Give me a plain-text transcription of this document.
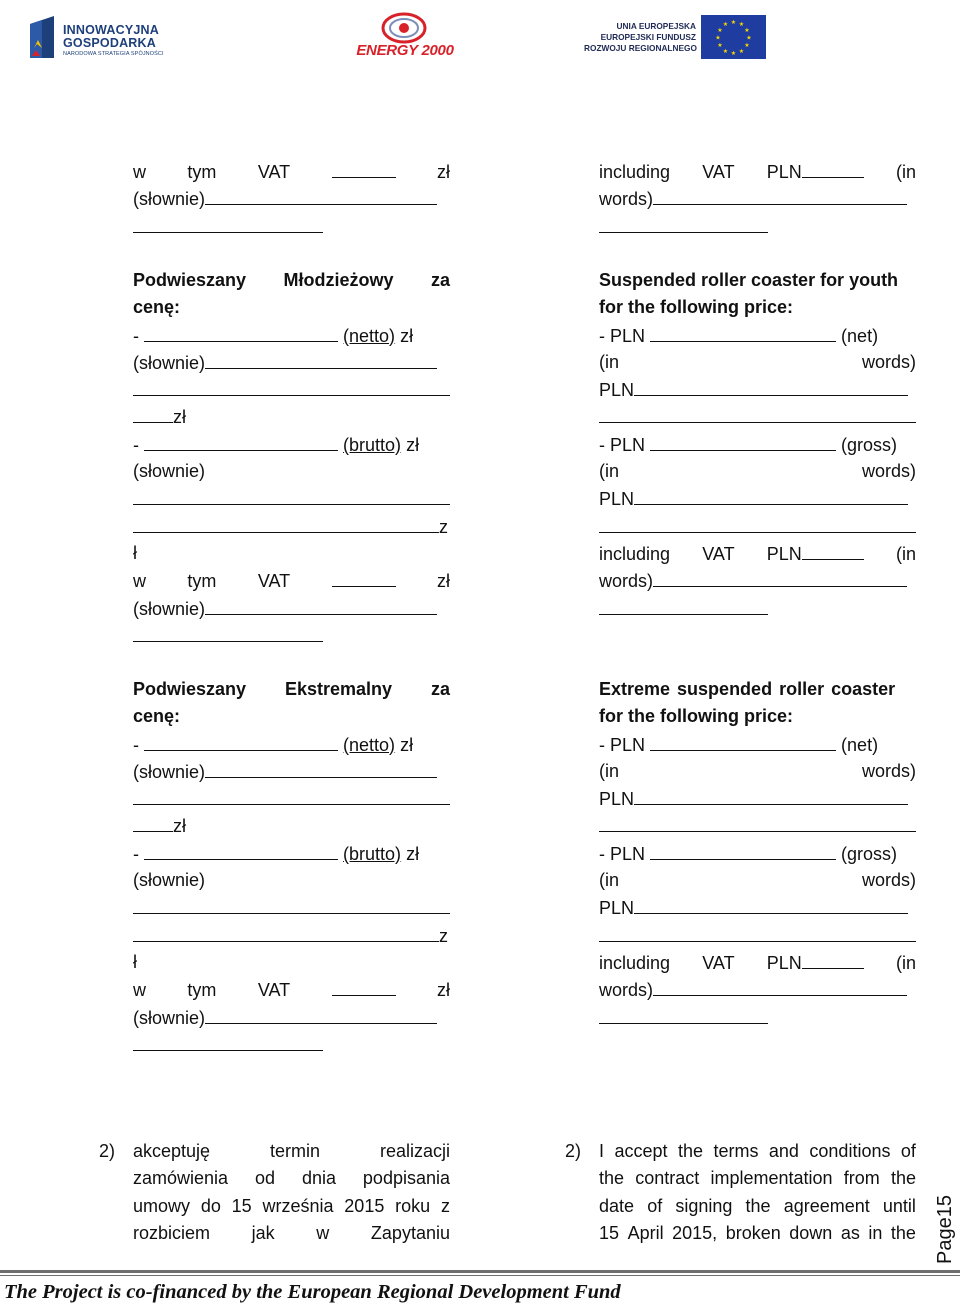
INNOWACYJNA
GOSPODARKA
NARODOWA STRATEGIA SPÓJNOŚCI	ENERGY 2000
UNIA EUROPEJSKA
EUROPEJSKI FUNDUSZ
ROZWOJU REGIONALNEGO
★ ★
★
★
★
★
★
★
★
★
★
★
w tym VAT	zł
(słownie)
including VAT PLN	(in
words)
Podwieszany Młodzieżowy za
cenę:
-	(netto) zł
(słownie)
zł
-	(brutto) zł
(słownie)
z
ł
w tym VAT	zł
(słownie)
Suspended roller coaster for youth
for the following price:
- PLN	(net)
(in	words)
PLN
- PLN	(gross)
(in	words)
PLN
including VAT PLN	(in
words)
Podwieszany Ekstremalny za
cenę:
-	(netto) zł
(słownie)
zł
-	(brutto) zł
(słownie)
z
ł
w tym VAT	zł
(słownie)
Extreme suspended roller coaster
for the following price:
- PLN	(net)
(in	words)
PLN
- PLN	(gross)
(in	words)
PLN
including VAT PLN	(in
words)
2) akceptuję	termin	realizacji
zamówienia od dnia podpisania
umowy do 15 września 2015 roku z
rozbiciem jak w Zapytaniu
2) I accept the terms and conditions of
the contract implementation from the
date of signing the agreement until
15 April 2015, broken down as in the Page15
The Project is co-financed by the European Regional Development Fund
